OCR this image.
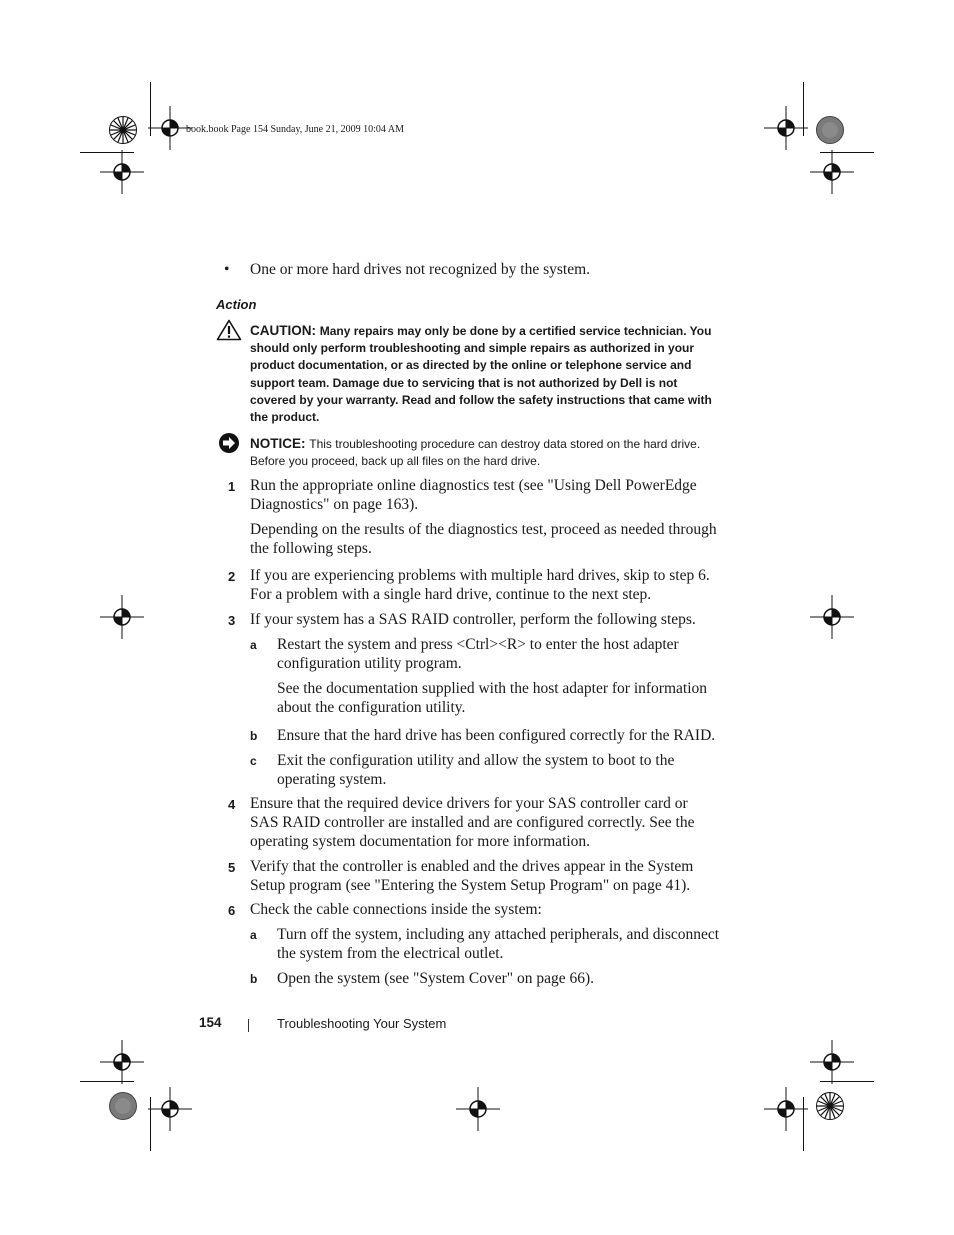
book.book Page 154 Sunday, June 21, 2009 10:04 AM
• One or more hard drives not recognized by the system.
Action
CAUTION: Many repairs may only be done by a certified service technician. You should only perform troubleshooting and simple repairs as authorized in your product documentation, or as directed by the online or telephone service and support team. Damage due to servicing that is not authorized by Dell is not covered by your warranty. Read and follow the safety instructions that came with the product.
NOTICE: This troubleshooting procedure can destroy data stored on the hard drive. Before you proceed, back up all files on the hard drive.
1 Run the appropriate online diagnostics test (see "Using Dell PowerEdge Diagnostics" on page 163).
Depending on the results of the diagnostics test, proceed as needed through the following steps.
2 If you are experiencing problems with multiple hard drives, skip to step 6. For a problem with a single hard drive, continue to the next step.
3 If your system has a SAS RAID controller, perform the following steps.
a Restart the system and press <Ctrl><R> to enter the host adapter configuration utility program.
See the documentation supplied with the host adapter for information about the configuration utility.
b Ensure that the hard drive has been configured correctly for the RAID.
c Exit the configuration utility and allow the system to boot to the operating system.
4 Ensure that the required device drivers for your SAS controller card or SAS RAID controller are installed and are configured correctly. See the operating system documentation for more information.
5 Verify that the controller is enabled and the drives appear in the System Setup program (see "Entering the System Setup Program" on page 41).
6 Check the cable connections inside the system:
a Turn off the system, including any attached peripherals, and disconnect the system from the electrical outlet.
b Open the system (see "System Cover" on page 66).
154	Troubleshooting Your System
